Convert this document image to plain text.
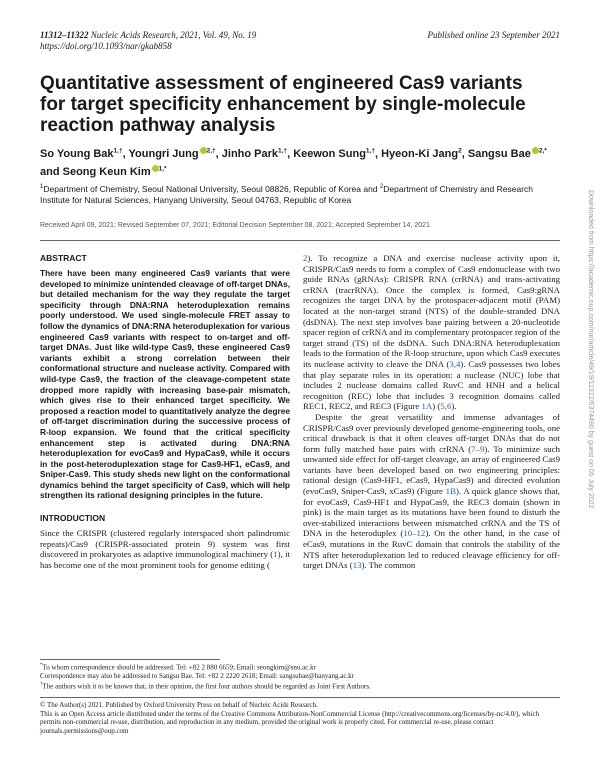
11312–11322 Nucleic Acids Research, 2021, Vol. 49, No. 19	Published online 23 September 2021
https://doi.org/10.1093/nar/gkab858
Quantitative assessment of engineered Cas9 variants for target specificity enhancement by single-molecule reaction pathway analysis
So Young Bak$^{1,\dagger}$, Youngri Jung $^{2,\dagger}$, Jinho Park$^{1,\dagger}$, Keewon Sung$^{1,\dagger}$, Hyeon-Ki Jang$^2$, Sangsu Bae $^{2,*}$ and Seong Keun Kim $^{1,*}$
$^1$Department of Chemistry, Seoul National University, Seoul 08826, Republic of Korea and $^2$Department of Chemistry and Research Institute for Natural Sciences, Hanyang University, Seoul 04763, Republic of Korea
Received April 09, 2021; Revised September 07, 2021; Editorial Decision September 08, 2021; Accepted September 14, 2021
ABSTRACT

There have been many engineered Cas9 variants that were developed to minimize unintended cleavage of off-target DNAs, but detailed mechanism for the way they regulate the target specificity through DNA:RNA heteroduplexation remains poorly understood. We used single-molecule FRET assay to follow the dynamics of DNA:RNA heteroduplexation for various engineered Cas9 variants with respect to on-target and off-target DNAs. Just like wild-type Cas9, these engineered Cas9 variants exhibit a strong correlation between their conformational structure and nuclease activity. Compared with wild-type Cas9, the fraction of the cleavage-competent state dropped more rapidly with increasing base-pair mismatch, which gives rise to their enhanced target specificity. We proposed a reaction model to quantitatively analyze the degree of off-target discrimination during the successive process of R-loop expansion. We found that the critical specificity enhancement step is activated during DNA:RNA heteroduplexation for evoCas9 and HypaCas9, while it occurs in the post-heteroduplexation stage for Cas9-HF1, eCas9, and Sniper-Cas9. This study sheds new light on the conformational dynamics behind the target specificity of Cas9, which will help strengthen its rational designing principles in the future.

INTRODUCTION

Since the CRISPR (clustered regularly interspaced short palindromic repeats)/Cas9 (CRISPR-associated protein 9) system was first discovered in prokaryotes as adaptive immunological machinery (1), it has become one of the most prominent tools for genome editing (

2). To recognize a DNA and exercise nuclease activity upon it, CRISPR/Cas9 needs to form a complex of Cas9 endonuclease with two guide RNAs (gRNAs): CRISPR RNA (crRNA) and trans-activating crRNA (tracrRNA). Once the complex is formed, Cas9:gRNA recognizes the target DNA by the protospacer-adjacent motif (PAM) located at the non-target strand (NTS) of the double-stranded DNA (dsDNA). The next step involves base pairing between a 20-nucleotide spacer region of crRNA and its complementary protospacer region of the target strand (TS) of the dsDNA. Such DNA:RNA heteroduplexation leads to the formation of the R-loop structure, upon which Cas9 executes its nuclease activity to cleave the DNA (3,4). Cas9 possesses two lobes that play separate roles in its operation: a nuclease (NUC) lobe that includes 2 nuclease domains called RuvC and HNH and a helical recognition (REC) lobe that includes 3 recognition domains called REC1, REC2, and REC3 (Figure 1A) (5,6).

Despite the great versatility and immense advantages of CRISPR/Cas9 over previously developed genome-engineering tools, one critical drawback is that it often cleaves off-target DNAs that do not form fully matched base pairs with crRNA (7–9). To minimize such unwanted side effect for off-target cleavage, an array of engineered Cas9 variants have been developed based on two engineering principles: rational design (Cas9-HF1, eCas9, HypaCas9) and directed evolution (evoCas9, Sniper-Cas9, xCas9) (Figure 1B). A quick glance shows that, for evoCas9, Cas9-HF1 and HypaCas9, the REC3 domain (shown in pink) is the main target as its mutations have been found to disturb the over-stabilized interactions between mismatched crRNA and the TS of DNA in the heteroduplex (10–12). On the other hand, in the case of eCas9, mutations in the RuvC domain that controls the stability of the NTS after heteroduplexation led to reduced cleavage efficiency for off-target DNAs (13). The common

*To whom correspondence should be addressed. Tel: +82 2 880 6659; Email: seongkim@snu.ac.kr
Correspondence may also be addressed to Sangsu Bae. Tel: +82 2 2220 2618; Email: sangsubae@hanyang.ac.kr
†The authors wish it to be known that, in their opinion, the first four authors should be regarded as Joint First Authors.
© The Author(s) 2021. Published by Oxford University Press on behalf of Nucleic Acids Research.
This is an Open Access article distributed under the terms of the Creative Commons Attribution-NonCommercial License (http://creativecommons.org/licenses/by-nc/4.0/), which permits non-commercial re-use, distribution, and reproduction in any medium, provided the original work is properly cited. For commercial re-use, please contact journals.permissions@oup.com
Downloaded from https://academic.oup.com/nar/article/49/19/11312/6374480 by guest on 05 July 2022
